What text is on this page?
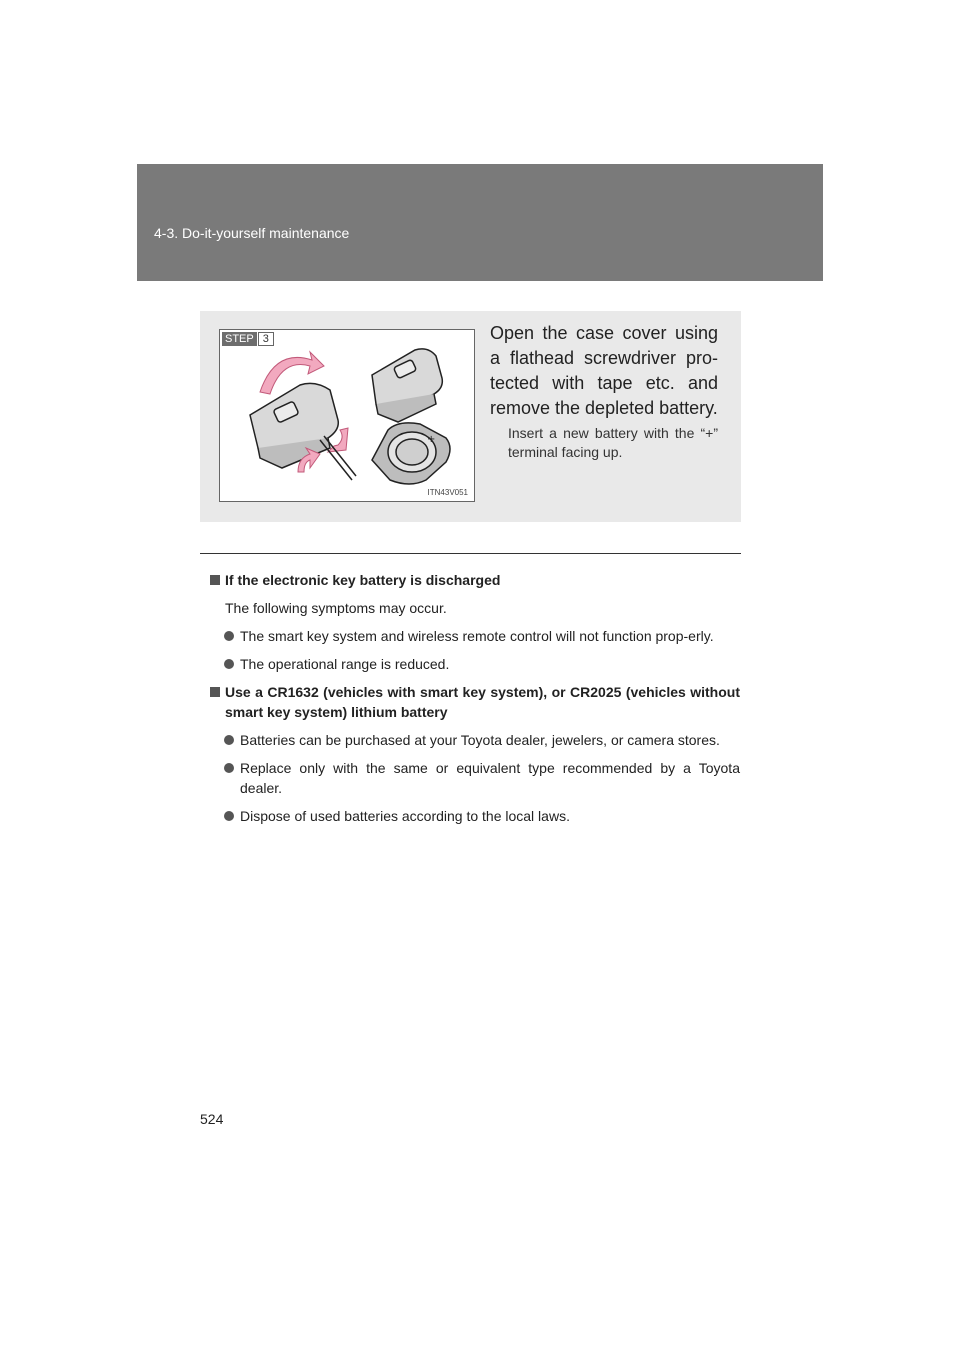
4-3. Do-it-yourself maintenance
+
STEP 3
ITN43V051
Open the case cover using a flathead screwdriver pro-tected with tape etc. and remove the depleted battery.
Insert a new battery with the “+” terminal facing up.
If the electronic key battery is discharged
The following symptoms may occur.
The smart key system and wireless remote control will not function prop-erly.
The operational range is reduced.
Use a CR1632 (vehicles with smart key system), or CR2025 (vehicles without smart key system) lithium battery
Batteries can be purchased at your Toyota dealer, jewelers, or camera stores.
Replace only with the same or equivalent type recommended by a Toyota dealer.
Dispose of used batteries according to the local laws.
524
